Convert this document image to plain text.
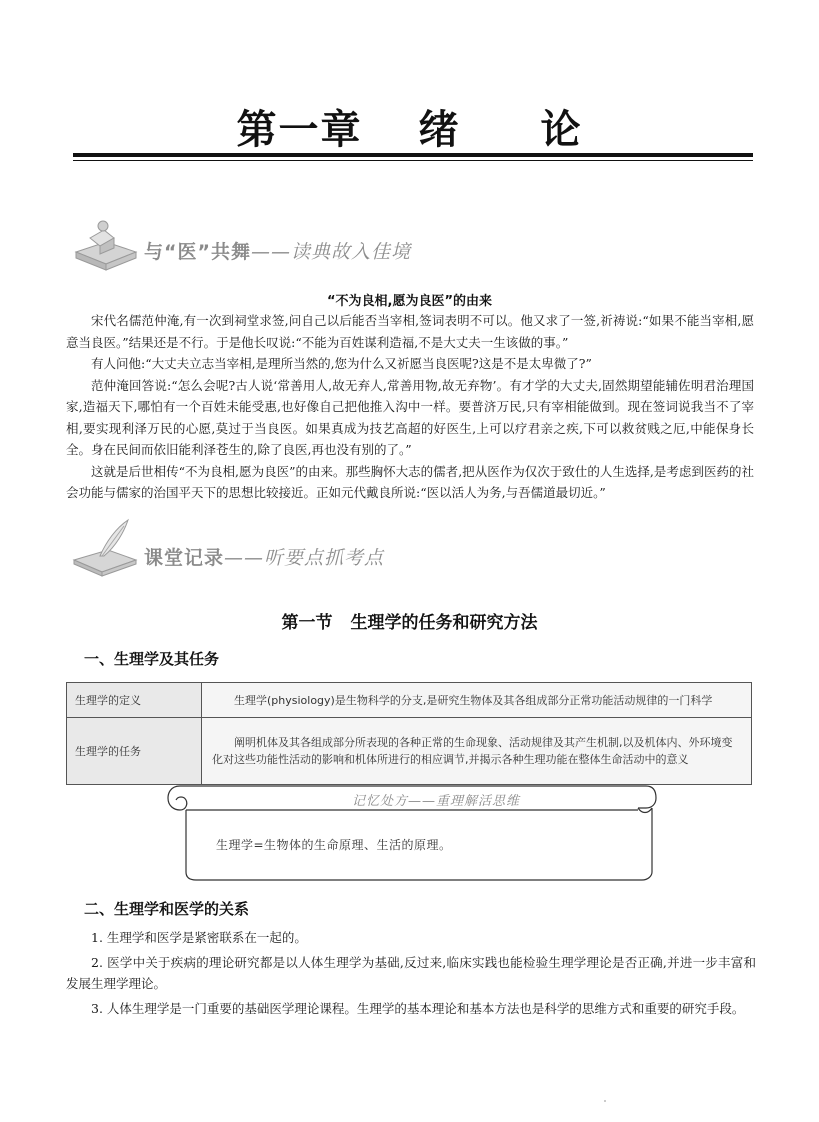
第一章 绪 论
与“医”共舞——读典故入佳境
“不为良相,愿为良医”的由来

宋代名儒范仲淹,有一次到祠堂求签,问自己以后能否当宰相,签词表明不可以。他又求了一签,祈祷说:“如果不能当宰相,愿意当良医。”结果还是不行。于是他长叹说:“不能为百姓谋利造福,不是大丈夫一生该做的事。”

有人问他:“大丈夫立志当宰相,是理所当然的,您为什么又祈愿当良医呢?这是不是太卑微了?”

范仲淹回答说:“怎么会呢?古人说‘常善用人,故无弃人,常善用物,故无弃物’。有才学的大丈夫,固然期望能辅佐明君治理国家,造福天下,哪怕有一个百姓未能受惠,也好像自己把他推入沟中一样。要普济万民,只有宰相能做到。现在签词说我当不了宰相,要实现利泽万民的心愿,莫过于当良医。如果真成为技艺高超的好医生,上可以疗君亲之疾,下可以救贫贱之厄,中能保身长全。身在民间而依旧能利泽苍生的,除了良医,再也没有别的了。”

这就是后世相传“不为良相,愿为良医”的由来。那些胸怀大志的儒者,把从医作为仅次于致仕的人生选择,是考虑到医药的社会功能与儒家的治国平天下的思想比较接近。正如元代戴良所说:“医以活人为务,与吾儒道最切近。”

课堂记录——听要点抓考点
第一节 生理学的任务和研究方法
一、生理学及其任务
生理学的定义	生理学(physiology)是生物科学的分支,是研究生物体及其各组成部分正常功能活动规律的一门科学
生理学的任务	阐明机体及其各组成部分所表现的各种正常的生命现象、活动规律及其产生机制,以及机体内、外环境变化对这些功能性活动的影响和机体所进行的相应调节,并揭示各种生理功能在整体生命活动中的意义
记忆处方——重理解活思维
生理学=生物体的生命原理、生活的原理。
二、生理学和医学的关系

1. 生理学和医学是紧密联系在一起的。

2. 医学中关于疾病的理论研究都是以人体生理学为基础,反过来,临床实践也能检验生理学理论是否正确,并进一步丰富和发展生理学理论。

3. 人体生理学是一门重要的基础医学理论课程。生理学的基本理论和基本方法也是科学的思维方式和重要的研究手段。
